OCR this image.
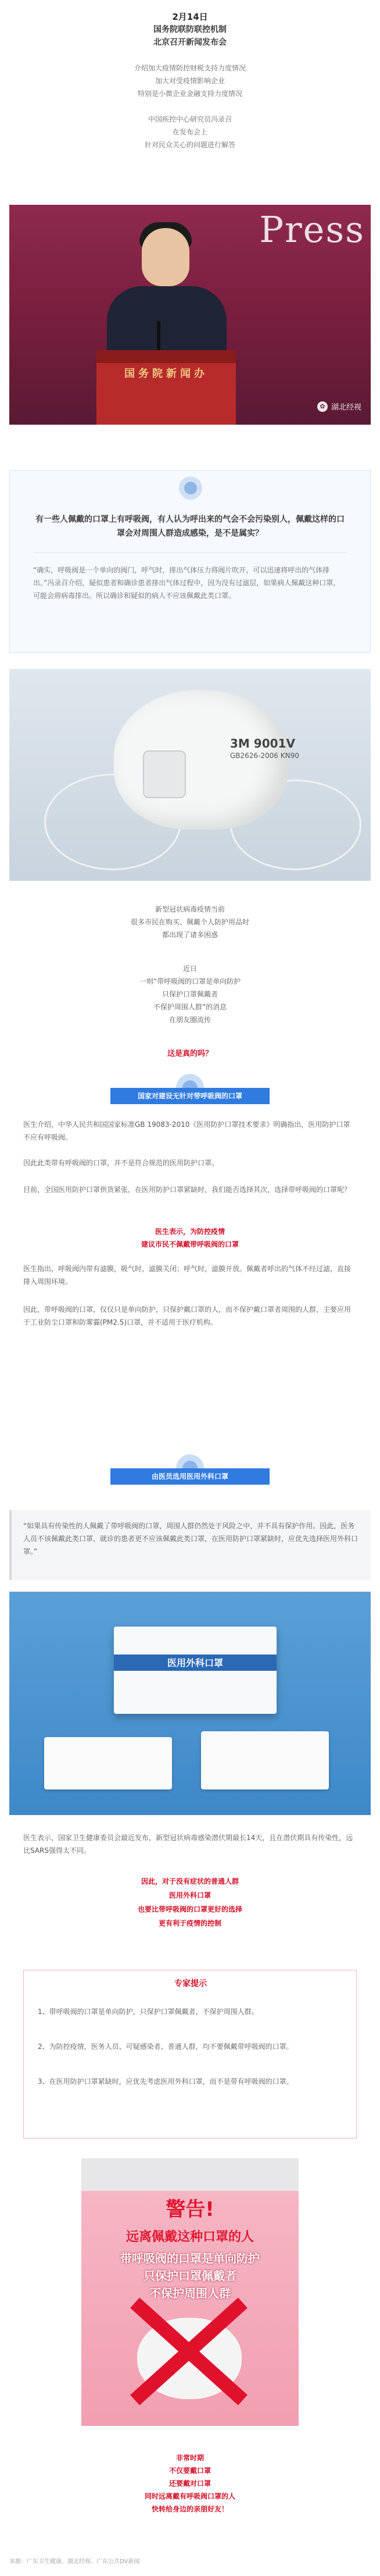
2月14日
国务院联防联控机制
北京召开新闻发布会
介绍加大疫情防控财税支持力度情况
加大对受疫情影响企业
特别是小微企业金融支持力度情况
中国疾控中心研究员冯录召
在发布会上
针对民众关心的问题进行解答
Press
国务院新闻办
✿ 湖北经视
有一些人佩戴的口罩上有呼吸阀，有人认为呼出来的气会不会污染别人，佩戴这样的口罩会对周围人群造成感染，是不是属实？
“确实，呼吸阀是一个单向的阀门，呼气时，排出气体压力将阀片吹开，可以迅速将呼出的气体排出。”冯录召介绍，疑似患者和确诊患者排出气体过程中，因为没有过滤层，如果病人佩戴这种口罩，可能会将病毒排出。所以确诊和疑似的病人不应该佩戴此类口罩。
3M 9001V
GB2626-2006 KN90
新型冠状病毒疫情当前
很多市民在购买、佩戴个人防护用品时
都出现了诸多困惑
近日
一则“带呼吸阀的口罩是单向防护
只保护口罩佩戴者
不保护周围人群”的消息
在朋友圈流传
这是真的吗？
国家对建设无针对带呼吸阀的口罩
医生介绍，中华人民共和国国家标准GB 19083-2010《医用防护口罩技术要求》明确指出，医用防护口罩不应有呼吸阀。
因此此类带有呼吸阀的口罩，并不是符合规范的医用防护口罩。
目前，全国医用防护口罩供货紧张，在医用防护口罩紧缺时，我们能否选择其次，选择带呼吸阀的口罩呢？
医生表示，为防控疫情
建议市民不佩戴带呼吸阀的口罩
医生指出，呼吸阀内带有滤膜，吸气时，滤膜关闭；呼气时，滤膜开放。佩戴者呼出的气体不经过滤，直接排入周围环境。
因此，带呼吸阀的口罩，仅仅只是单向防护，只保护戴口罩的人，而不保护戴口罩者周围的人群，主要应用于工业防尘口罩和防雾霾(PM2.5)口罩，并不适用于医疗机构。
由医员选用医用外科口罩
“如果具有传染性的人佩戴了带呼吸阀的口罩，周围人群仍然处于风险之中，并不具有保护作用。因此，医务人员不该佩戴此类口罩，就诊的患者更不应该佩戴此类口罩，在医用防护口罩紧缺时，应优先选择医用外科口罩。”
医用外科口罩
医生表示，国家卫生健康委员会最近发布，新型冠状病毒感染潜伏期最长14天，且在潜伏期具有传染性，远比SARS强得太不同。
因此，对于没有症状的普通人群
医用外科口罩
也要比带呼吸阀的口罩更好的选择
更有利于疫情的控制
专家提示
1、带呼吸阀的口罩是单向防护，只保护口罩佩戴者，不保护周围人群。
2、为防控疫情，医务人员、可疑感染者、普通人群，均不要佩戴带呼吸阀的口罩。
3、在医用防护口罩紧缺时，应优先考虑医用外科口罩，而不是带有呼吸阀的口罩。
警告!
远离佩戴这种口罩的人
带呼吸阀的口罩是单向防护
只保护口罩佩戴者
不保护周围人群
非常时期
不仅要戴口罩
还要戴对口罩
同时远离戴有呼吸阀口罩的人
快转给身边的亲朋好友！
来源：广东卫生健康、湖北经视、广东公共DV新闻
